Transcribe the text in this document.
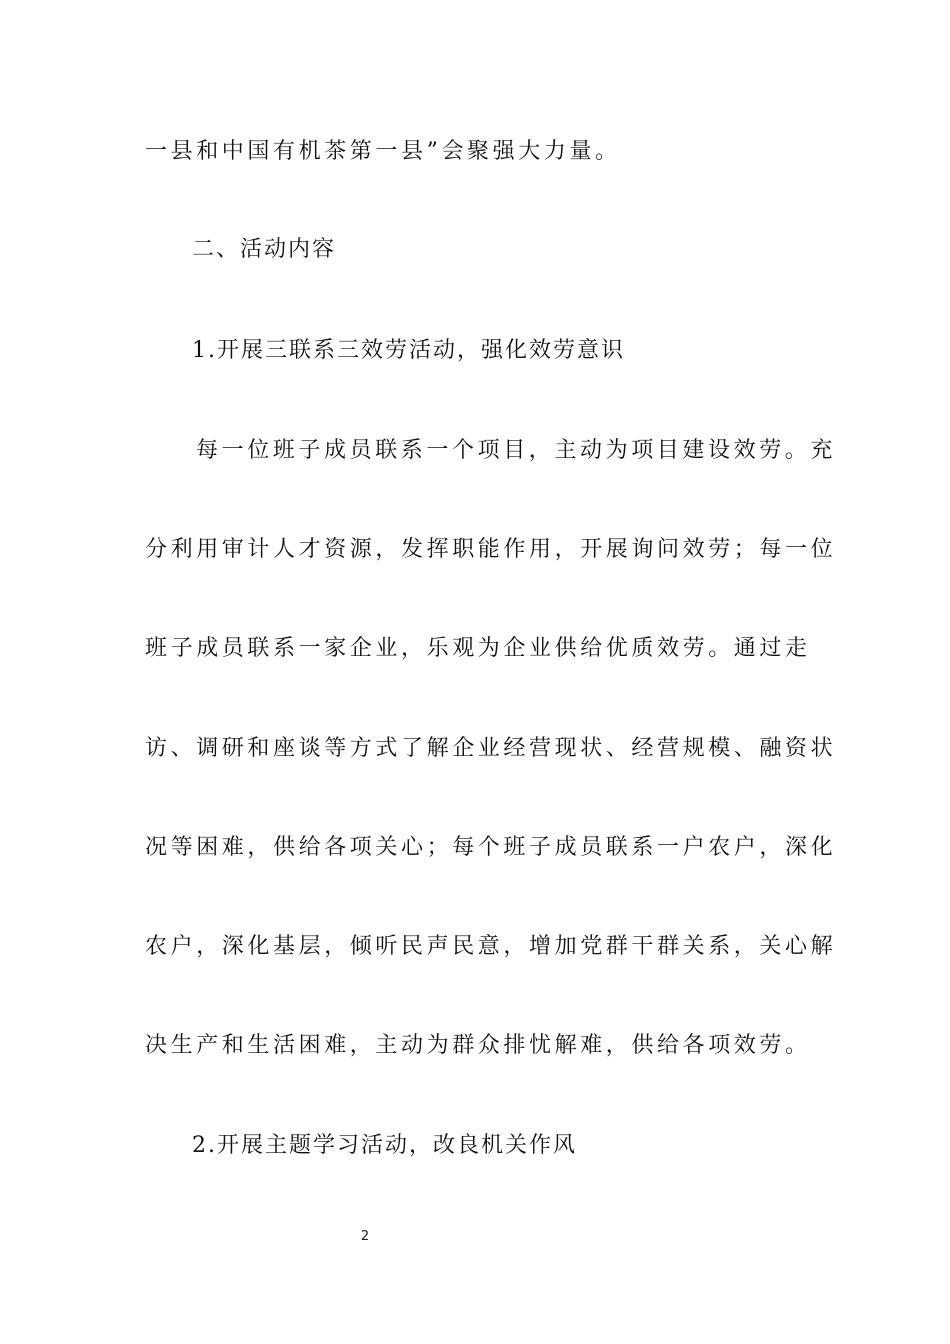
一县和中国有机茶第一县”会聚强大力量。
二、活动内容
1.开展三联系三效劳活动，强化效劳意识
每一位班子成员联系一个项目，主动为项目建设效劳。充
分利用审计人才资源，发挥职能作用，开展询问效劳；每一位
班子成员联系一家企业，乐观为企业供给优质效劳。通过走
访、调研和座谈等方式了解企业经营现状、经营规模、融资状
况等困难，供给各项关心；每个班子成员联系一户农户，深化
农户，深化基层，倾听民声民意，增加党群干群关系，关心解
决生产和生活困难，主动为群众排忧解难，供给各项效劳。
2.开展主题学习活动，改良机关作风
2
